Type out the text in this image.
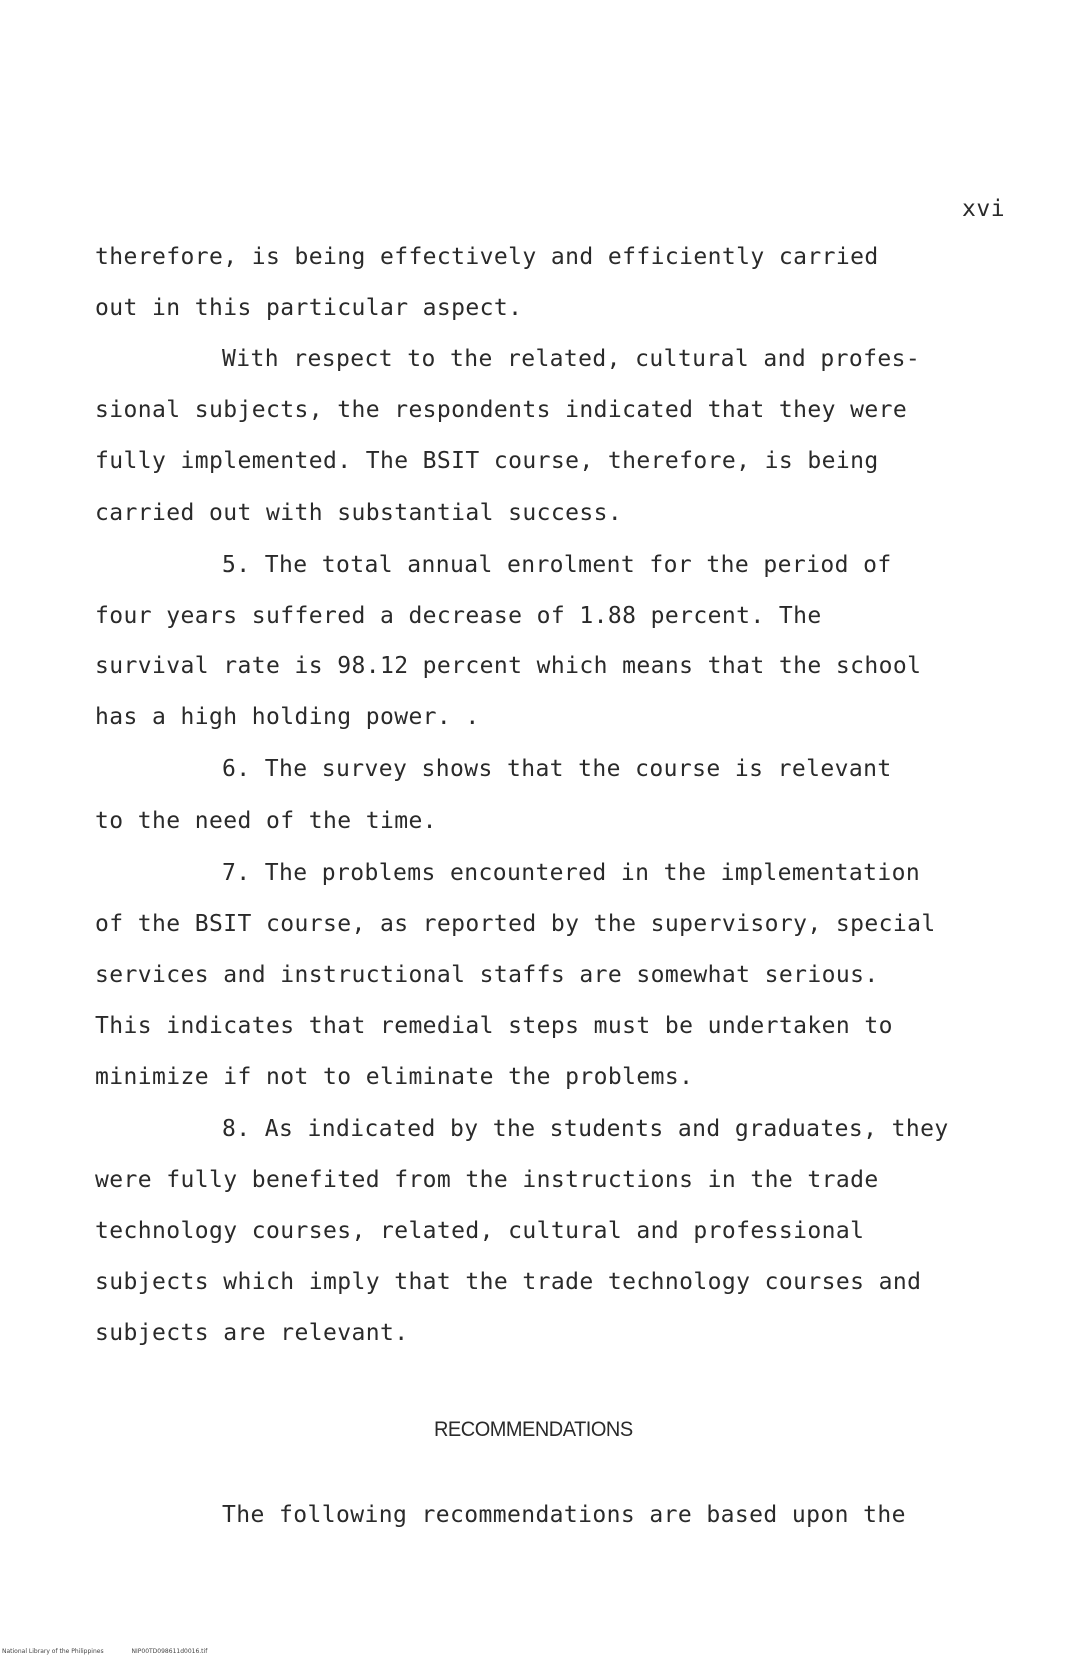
xvi
therefore, is being effectively and efficiently carried
out in this particular aspect.
With respect to the related, cultural and profes-
sional subjects, the respondents indicated that they were
fully implemented. The BSIT course, therefore, is being
carried out with substantial success.
5. The total annual enrolment for the period of
four years suffered a decrease of 1.88 percent. The
survival rate is 98.12 percent which means that the school
has a high holding power. .
6. The survey shows that the course is relevant
to the need of the time.
7. The problems encountered in the implementation
of the BSIT course, as reported by the supervisory, special
services and instructional staffs are somewhat serious.
This indicates that remedial steps must be undertaken to
minimize if not to eliminate the problems.
8. As indicated by the students and graduates, they
were fully benefited from the instructions in the trade
technology courses, related, cultural and professional
subjects which imply that the trade technology courses and
subjects are relevant.
RECOMMENDATIONS
The following recommendations are based upon the
National Library of the Philippines	NIP00TD098611d0016.tif
